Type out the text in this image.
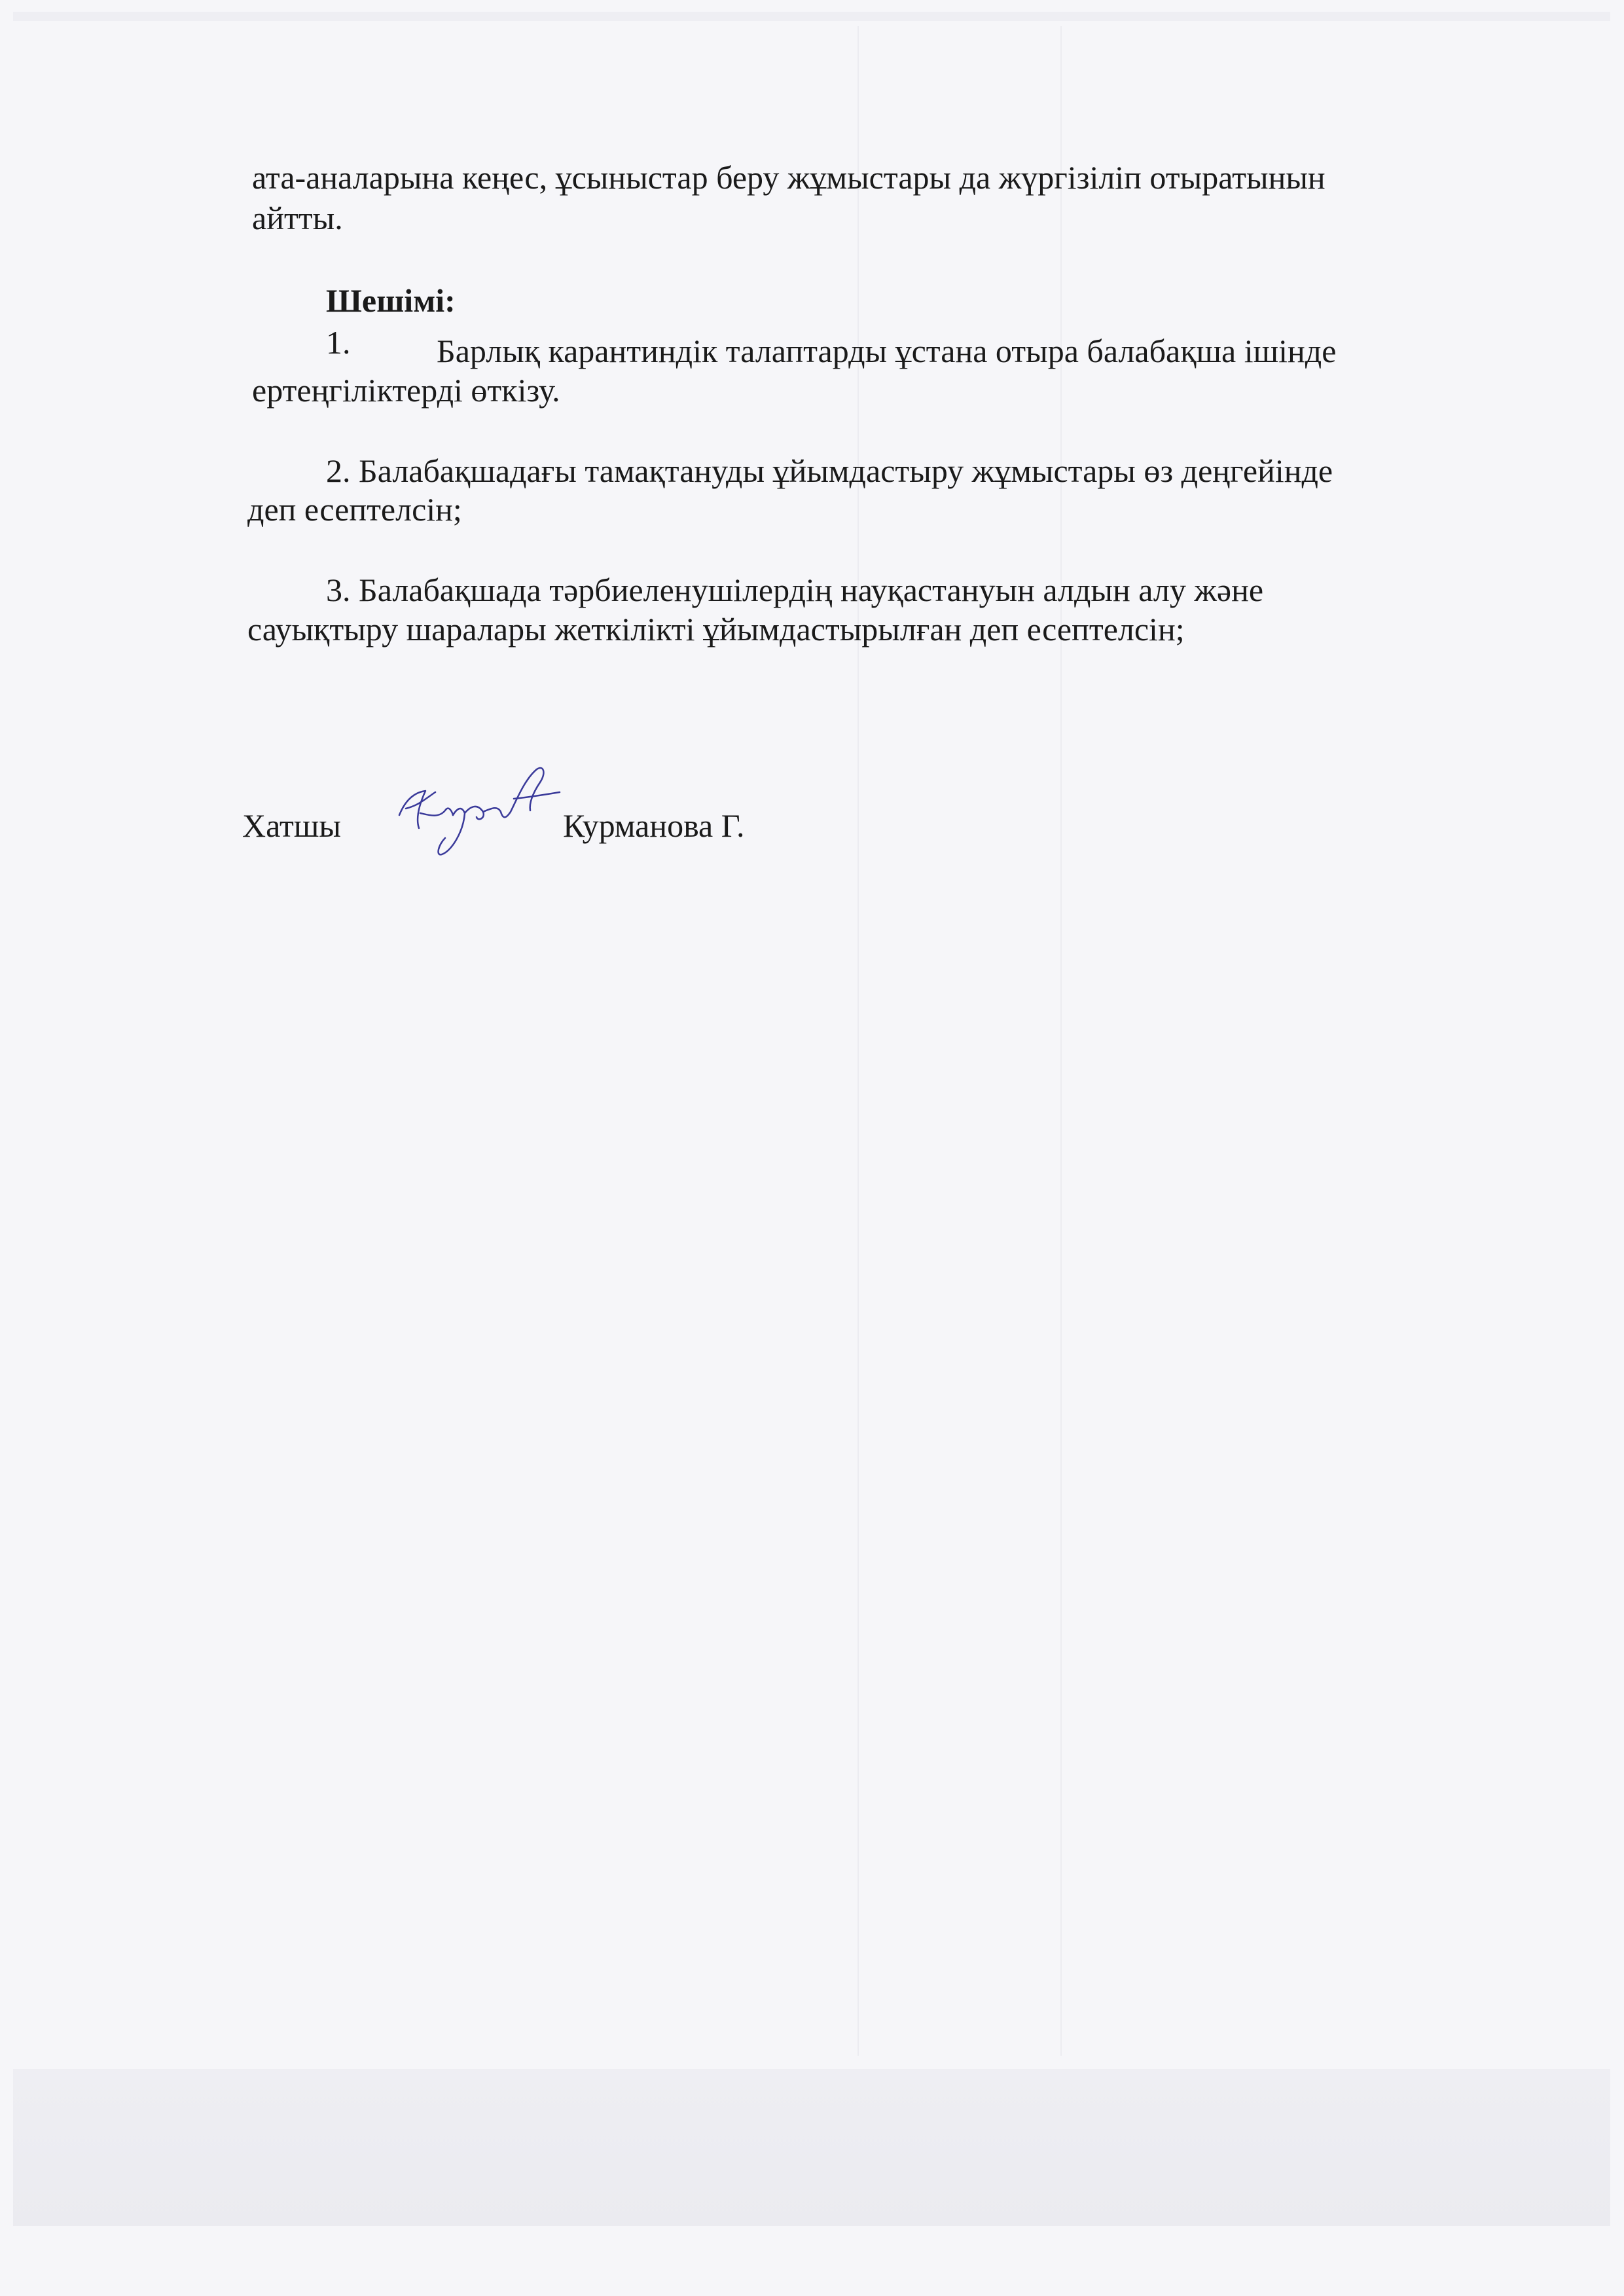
ата-аналарына кеңес, ұсыныстар беру жұмыстары да жүргізіліп отыратынын
айтты.
Шешімі:
1.	Барлық карантиндік талаптарды ұстана отыра балабақша ішінде
ертеңгіліктерді өткізу.
2. Балабақшадағы тамақтануды ұйымдастыру жұмыстары өз деңгейінде
деп есептелсін;
3. Балабақшада тәрбиеленушілердің науқастануын алдын алу және
сауықтыру шаралары жеткілікті ұйымдастырылған деп есептелсін;
Хатшы	Курманова Г.
